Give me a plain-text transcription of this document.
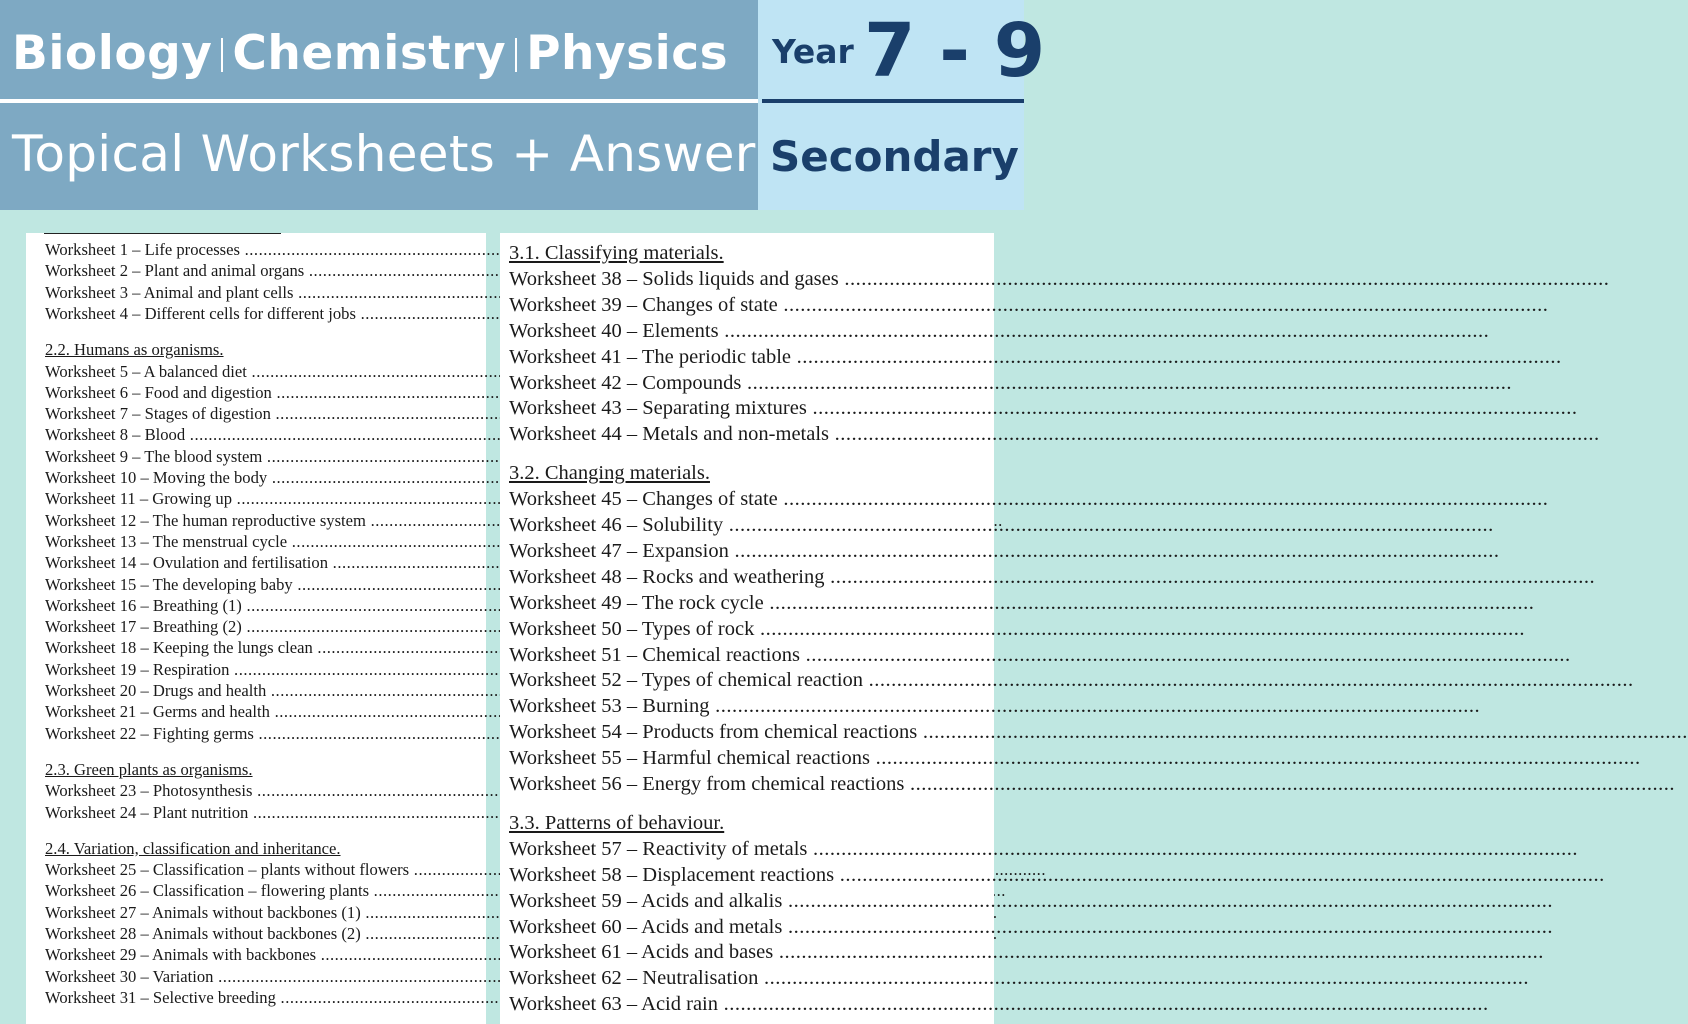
Biology Chemistry Physics
Topical Worksheets + Answer
Year 7 - 9
Secondary
Worksheet 1 – Life processes .....
Worksheet 2 – Plant and animal organs .....
Worksheet 3 – Animal and plant cells .....
Worksheet 4 – Different cells for different jobs .....
2.2. Humans as organisms.
Worksheet 5 – A balanced diet .....
Worksheet 6 – Food and digestion .....
Worksheet 7 – Stages of digestion .....
Worksheet 8 – Blood .....
Worksheet 9 – The blood system .....
Worksheet 10 – Moving the body .....
Worksheet 11 – Growing up .....
Worksheet 12 – The human reproductive system .....
Worksheet 13 – The menstrual cycle .....
Worksheet 14 – Ovulation and fertilisation .....
Worksheet 15 – The developing baby .....
Worksheet 16 – Breathing (1) .....
Worksheet 17 – Breathing (2) .....
Worksheet 18 – Keeping the lungs clean .....
Worksheet 19 – Respiration .....
Worksheet 20 – Drugs and health .....
Worksheet 21 – Germs and health .....
Worksheet 22 – Fighting germs .....
2.3. Green plants as organisms.
Worksheet 23 – Photosynthesis .....
Worksheet 24 – Plant nutrition .....
2.4. Variation, classification and inheritance.
Worksheet 25 – Classification – plants without flowers .....
Worksheet 26 – Classification – flowering plants .....
Worksheet 27 – Animals without backbones (1) .....
Worksheet 28 – Animals without backbones (2) .....
Worksheet 29 – Animals with backbones .....
Worksheet 30 – Variation .....
Worksheet 31 – Selective breeding .....
3.1. Classifying materials.
Worksheet 38 – Solids liquids and gases .....
Worksheet 39 – Changes of state .....
Worksheet 40 – Elements .....
Worksheet 41 – The periodic table .....
Worksheet 42 – Compounds .....
Worksheet 43 – Separating mixtures .....
Worksheet 44 – Metals and non-metals .....
3.2. Changing materials.
Worksheet 45 – Changes of state .....
Worksheet 46 – Solubility .....
Worksheet 47 – Expansion .....
Worksheet 48 – Rocks and weathering .....
Worksheet 49 – The rock cycle .....
Worksheet 50 – Types of rock .....
Worksheet 51 – Chemical reactions .....
Worksheet 52 – Types of chemical reaction .....
Worksheet 53 – Burning .....
Worksheet 54 – Products from chemical reactions .....
Worksheet 55 – Harmful chemical reactions .....
Worksheet 56 – Energy from chemical reactions .....
3.3. Patterns of behaviour.
Worksheet 57 – Reactivity of metals .....
Worksheet 58 – Displacement reactions .....
Worksheet 59 – Acids and alkalis .....
Worksheet 60 – Acids and metals .....
Worksheet 61 – Acids and bases .....
Worksheet 62 – Neutralisation .....
Worksheet 63 – Acid rain .....
